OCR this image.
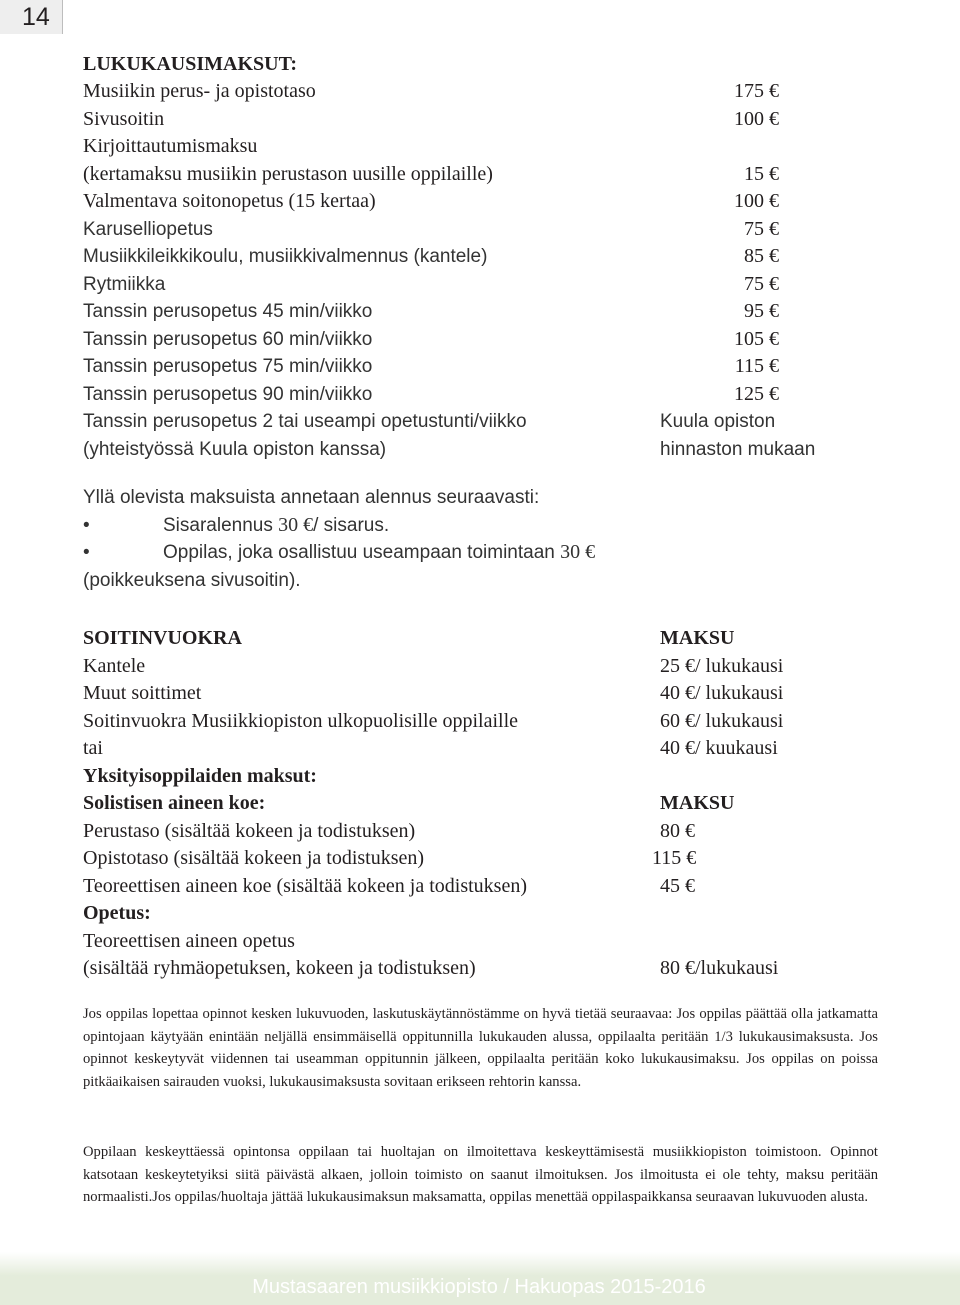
14
LUKUKAUSIMAKSUT:
Musiikin perus- ja opistotaso	175 €
Sivusoitin	100 €
Kirjoittautumismaksu
(kertamaksu musiikin perustason uusille oppilaille)	15 €
Valmentava soitonopetus (15 kertaa)	100 €
Karuselliopetus	75 €
Musiikkileikkikoulu, musiikkivalmennus (kantele)	85 €
Rytmiikka	75 €
Tanssin perusopetus 45 min/viikko	95 €
Tanssin perusopetus 60 min/viikko	105 €
Tanssin perusopetus 75 min/viikko	115 €
Tanssin perusopetus 90 min/viikko	125 €
Tanssin perusopetus 2 tai useampi opetustunti/viikko	Kuula opiston
(yhteistyössä Kuula opiston kanssa)	hinnaston mukaan
Yllä olevista maksuista annetaan alennus seuraavasti:
•	Sisaralennus 30 €/ sisarus.
•	Oppilas, joka osallistuu useampaan toimintaan 30 €
(poikkeuksena sivusoitin).
SOITINVUOKRA	MAKSU
Kantele	25 €/ lukukausi
Muut soittimet	40 €/ lukukausi
Soitinvuokra Musiikkiopiston ulkopuolisille oppilaille	60 €/ lukukausi
tai	40 €/ kuukausi
Yksityisoppilaiden maksut:
Solistisen aineen koe:	MAKSU
Perustaso (sisältää kokeen ja todistuksen)	80 €
Opistotaso (sisältää kokeen ja todistuksen)	115 €
Teoreettisen aineen koe (sisältää kokeen ja todistuksen)	45 €
Opetus:
Teoreettisen aineen opetus
(sisältää ryhmäopetuksen, kokeen ja todistuksen)	80 €/lukukausi
Jos oppilas lopettaa opinnot kesken lukuvuoden, laskutuskäytännöstämme on hyvä tietää seuraavaa: Jos oppilas päättää olla jatkamatta opintojaan käytyään enintään neljällä ensimmäisellä oppitunnilla lukukauden alussa, oppilaalta peritään 1/3 lukukausimaksusta. Jos opinnot keskeytyvät viidennen tai useamman oppitunnin jälkeen, oppilaalta peritään koko lukukausimaksu. Jos oppilas on poissa pitkäaikaisen sairauden vuoksi, lukukausimaksusta sovitaan erikseen rehtorin kanssa.
Oppilaan keskeyttäessä opintonsa oppilaan tai huoltajan on ilmoitettava keskeyttämisestä musiikkiopiston toimistoon. Opinnot katsotaan keskeytetyiksi siitä päivästä alkaen, jolloin toimisto on saanut ilmoituksen. Jos ilmoitusta ei ole tehty, maksu peritään normaalisti.Jos oppilas/huoltaja jättää lukukausimaksun maksamatta, oppilas menettää oppilaspaikkansa seuraavan lukuvuoden alusta.
Mustasaaren musiikkiopisto / Hakuopas 2015-2016
